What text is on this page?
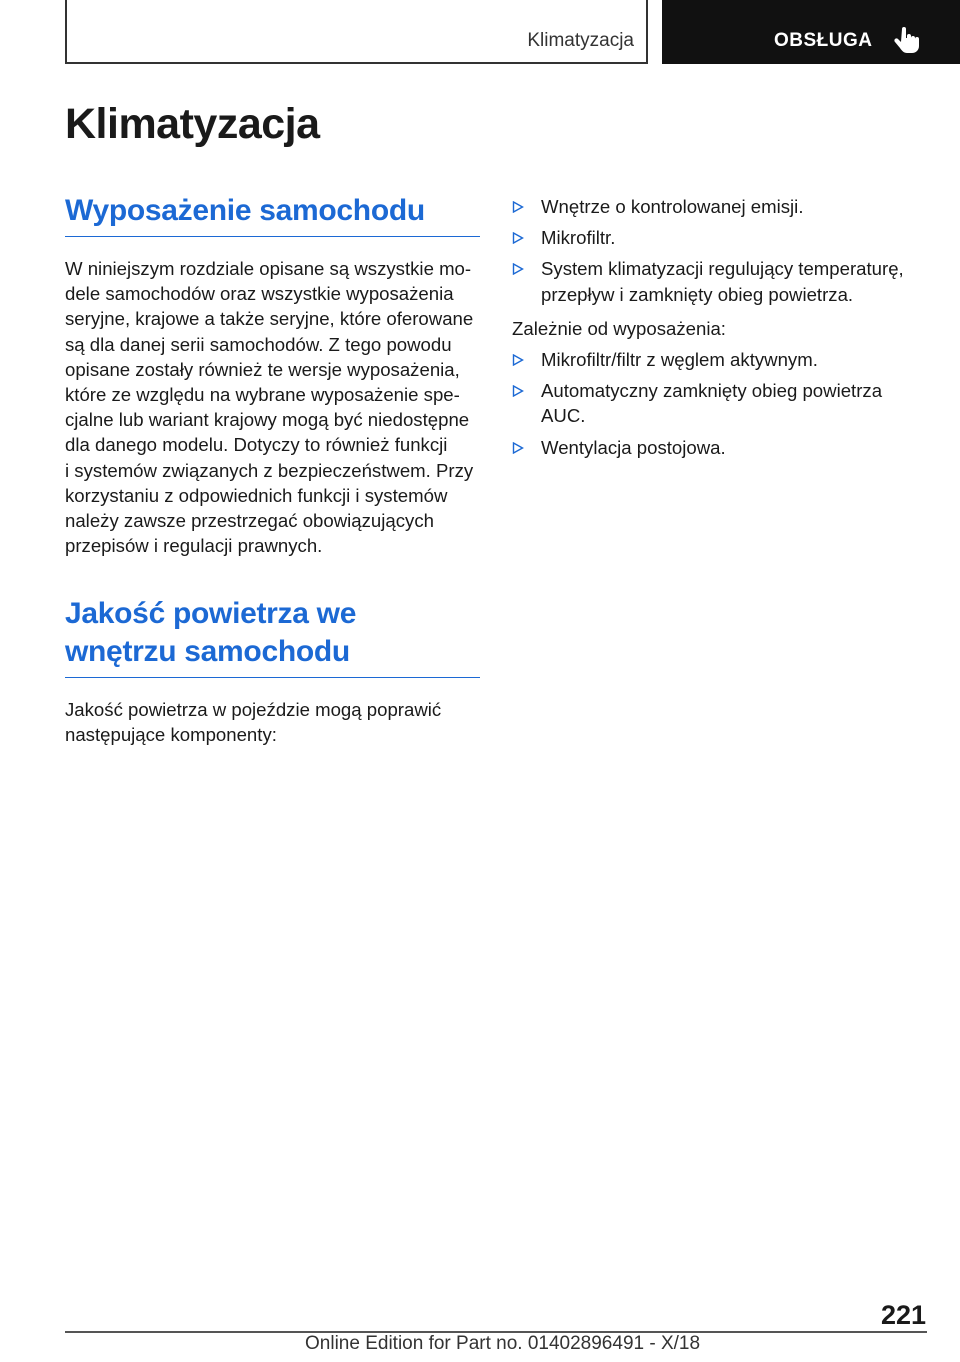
Klimatyzacja	OBSŁUGA
Klimatyzacja
Wyposażenie samochodu

W niniejszym rozdziale opisane są wszystkie mo-
dele samochodów oraz wszystkie wyposażenia
seryjne, krajowe a także seryjne, które oferowane
są dla danej serii samochodów. Z tego powodu
opisane zostały również te wersje wyposażenia,
które ze względu na wybrane wyposażenie spe-
cjalne lub wariant krajowy mogą być niedostępne
dla danego modelu. Dotyczy to również funkcji
i systemów związanych z bezpieczeństwem. Przy
korzystaniu z odpowiednich funkcji i systemów
należy zawsze przestrzegać obowiązujących
przepisów i regulacji prawnych.

Jakość powietrza we
wnętrzu samochodu

Jakość powietrza w pojeździe mogą poprawić
następujące komponenty:

Wnętrze o kontrolowanej emisji.
Mikrofiltr.
System klimatyzacji regulujący temperaturę,
przepływ i zamknięty obieg powietrza.

Zależnie od wyposażenia:

Mikrofiltr/filtr z węglem aktywnym.
Automatyczny zamknięty obieg powietrza
AUC.
Wentylacja postojowa.
221
Online Edition for Part no. 01402896491 - X/18
